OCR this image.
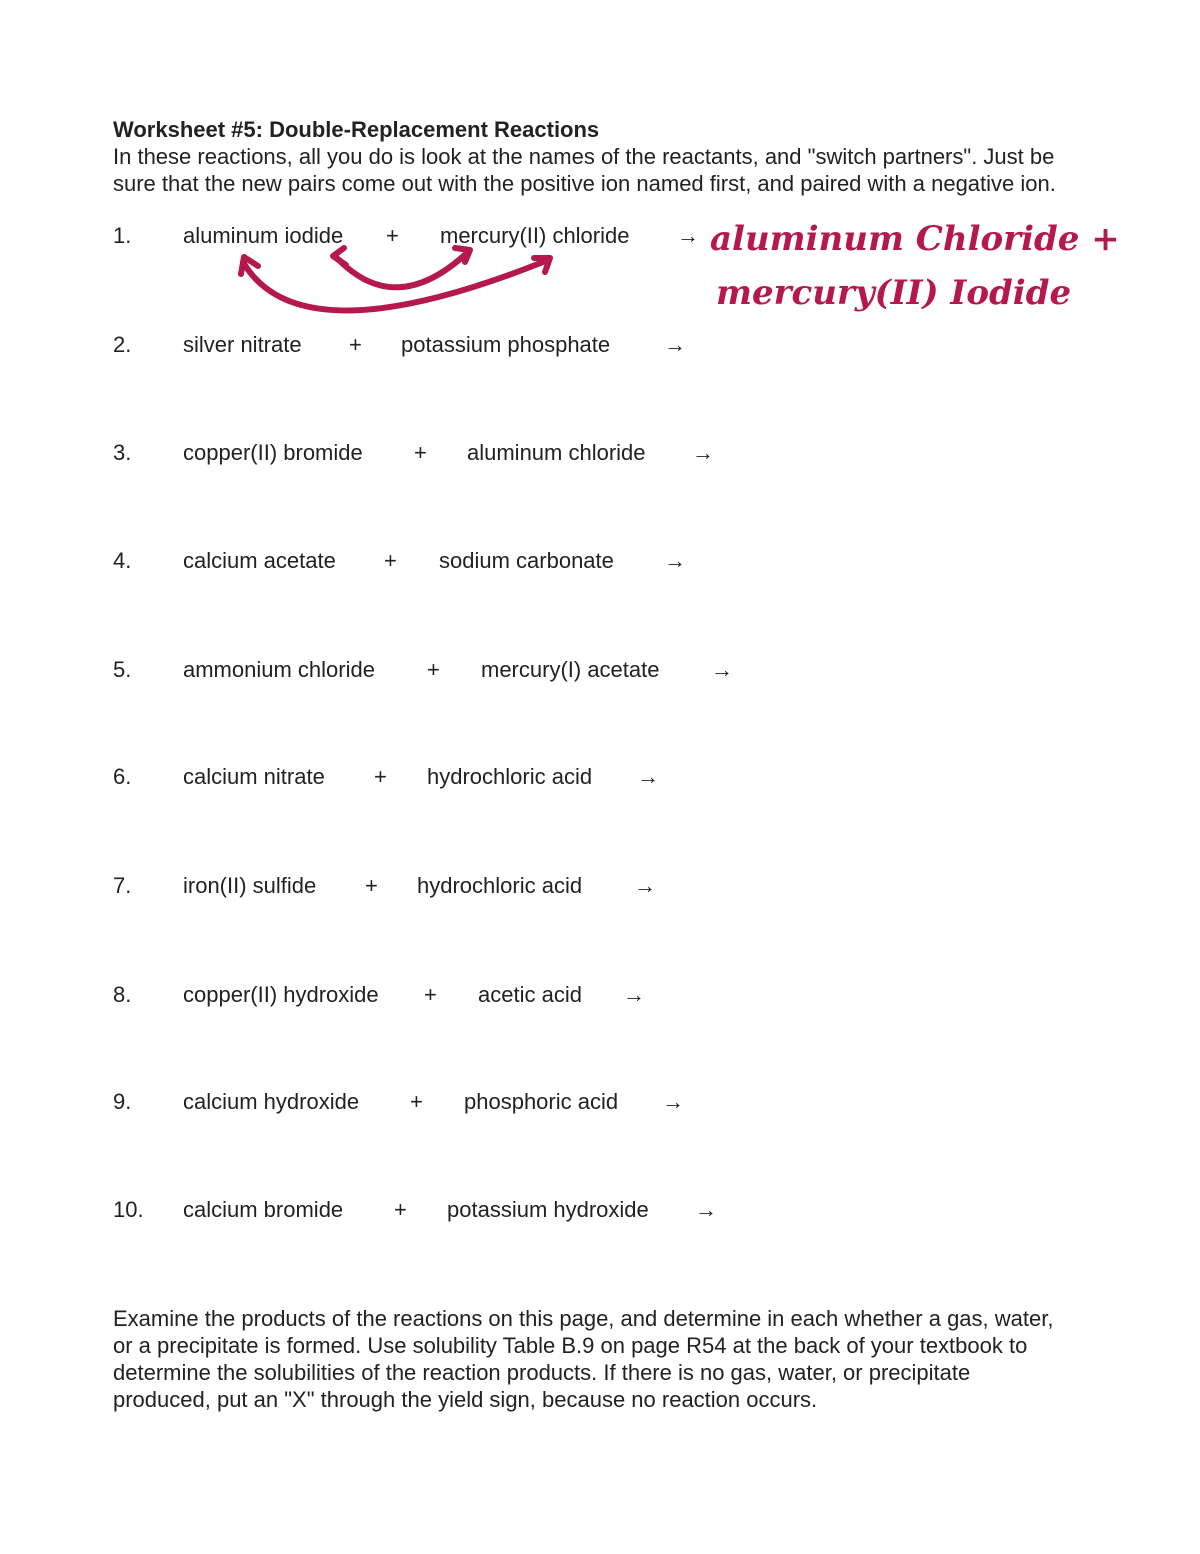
Worksheet #5: Double-Replacement Reactions
In these reactions, all you do is look at the names of the reactants, and "switch partners". Just be sure that the new pairs come out with the positive ion named first, and paired with a negative ion.
1. aluminum iodide + mercury(II) chloride →
2. silver nitrate + potassium phosphate →
3. copper(II) bromide + aluminum chloride →
4. calcium acetate + sodium carbonate →
5. ammonium chloride + mercury(I) acetate →
6. calcium nitrate + hydrochloric acid →
7. iron(II) sulfide + hydrochloric acid →
8. copper(II) hydroxide + acetic acid →
9. calcium hydroxide + phosphoric acid →
10. calcium bromide + potassium hydroxide →
Examine the products of the reactions on this page, and determine in each whether a gas, water, or a precipitate is formed. Use solubility Table B.9 on page R54 at the back of your textbook to determine the solubilities of the reaction products. If there is no gas, water, or precipitate produced, put an "X" through the yield sign, because no reaction occurs.
aluminum Chloride +
mercury(II) Iodide
